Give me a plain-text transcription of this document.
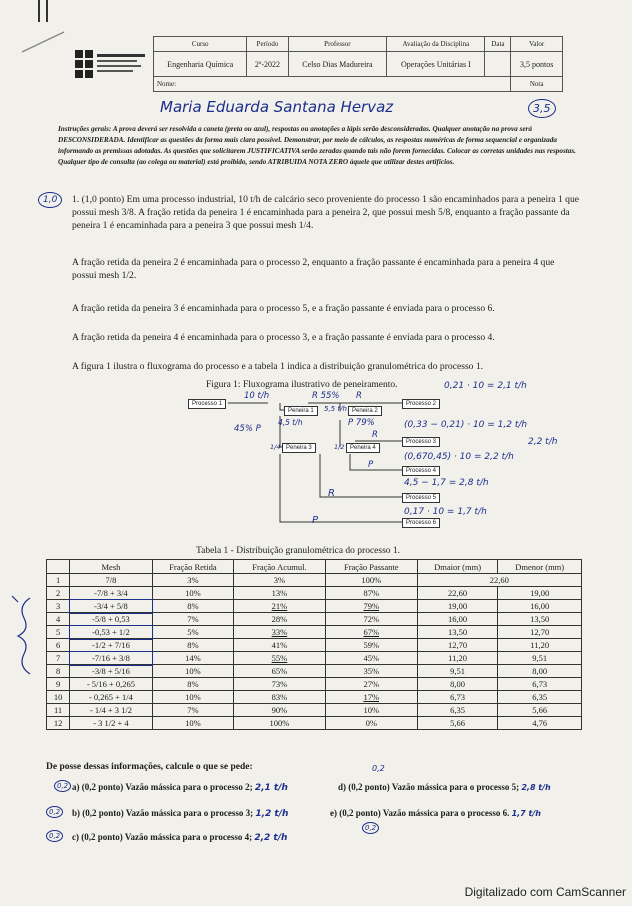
Curso	Período	Professor	Avaliação da Disciplina	Data	Valor
Engenharia Química	2º-2022	Celso Dias Madureira	Operações Unitárias I		3,5 pontos
Nome:					Nota
Maria Eduarda Santana Hervaz	3,5

Instruções gerais: A prova deverá ser resolvida a caneta (preta ou azul), respostas ou anotações a lápis serão desconsideradas. Qualquer anotação na prova será DESCONSIDERADA. Identificar as questões da forma mais clara possível. Demonstrar, por meio de cálculos, as respostas numéricas de forma sequencial e organizada informando as premissas adotadas. As questões que solicitarem JUSTIFICATIVA serão zeradas quando tais não forem fornecidas. Colocar as corretas unidades nas respostas. Qualquer tipo de consulta (ao colega ou material) está proibido, sendo ATRIBUIDA NOTA ZERO àquele que utilizar destes artifícios.

1,0	1. (1,0 ponto) Em uma processo industrial, 10 t/h de calcário seco proveniente do processo 1 são encaminhados para a peneira 1 que possui mesh 3/8. A fração retida da peneira 1 é encaminhada para a peneira 2, que possui mesh 5/8, enquanto a fração passante da peneira 1 é encaminhada para a peneira 3 que possui mesh 1/4.

A fração retida da peneira 2 é encaminhada para o processo 2, enquanto a fração passante é encaminhada para a peneira 4 que possui mesh 1/2.

A fração retida da peneira 3 é encaminhada para o processo 5, e a fração passante é enviada para o processo 6.

A fração retida da peneira 4 é encaminhada para o processo 3, e a fração passante é enviada para o processo 4.

A figura 1 ilustra o fluxograma do processo e a tabela 1 indica a distribuição granulométrica do processo 1.

Figura 1: Fluxograma ilustrativo de peneiramento.
Processo 1
Peneira 1	Peneira 2
Processo 2
Peneira 3	Peneira 4
Processo 3
Processo 4
Processo 5
Processo 6
10 t/h	R 55% R
5,5 t/h
45% P
4,5 t/h	P 79%
R
1/4	1/2
P
R
P
0,21 · 10 = 2,1 t/h
(0,33 − 0,21) · 10 = 1,2 t/h
2,2 t/h
(0,670,45) · 10 = 2,2 t/h
4,5 − 1,7 = 2,8 t/h
0,17 · 10 = 1,7 t/h
Tabela 1 - Distribuição granulométrica do processo 1.
	Mesh	Fração Retida	Fração Acumul.	Fração Passante	Dmaior (mm)	Dmenor (mm)
1	7/8	3%	3%	100%	22,60	
2	-7/8 + 3/4	10%	13%	87%	22,60	19,00
3	-3/4 + 5/8	8%	21%	79%	19,00	16,00
4	-5/8 + 0,53	7%	28%	72%	16,00	13,50
5	-0,53 + 1/2	5%	33%	67%	13,50	12,70
6	-1/2 + 7/16	8%	41%	59%	12,70	11,20
7	-7/16 + 3/8	14%	55%	45%	11,20	9,51
8	-3/8 + 5/16	10%	65%	35%	9,51	8,00
9	- 5/16 + 0,265	8%	73%	27%	8,00	6,73
10	- 0,265 + 1/4	10%	83%	17%	6,73	6,35
11	- 1/4 + 3 1/2	7%	90%	10%	6,35	5,66
12	- 3 1/2 + 4	10%	100%	0%	5,66	4,76
De posse dessas informações, calcule o que se pede:	0,2
0,2 a) (0,2 ponto) Vazão mássica para o processo 2; 2,1 t/h	d) (0,2 ponto) Vazão mássica para o processo 5; 2,8 t/h
0,2	b) (0,2 ponto) Vazão mássica para o processo 3; 1,2 t/h	e) (0,2 ponto) Vazão mássica para o processo 6. 1,7 t/h
0,2	c) (0,2 ponto) Vazão mássica para o processo 4; 2,2 t/h
0,2
Digitalizado com CamScanner
